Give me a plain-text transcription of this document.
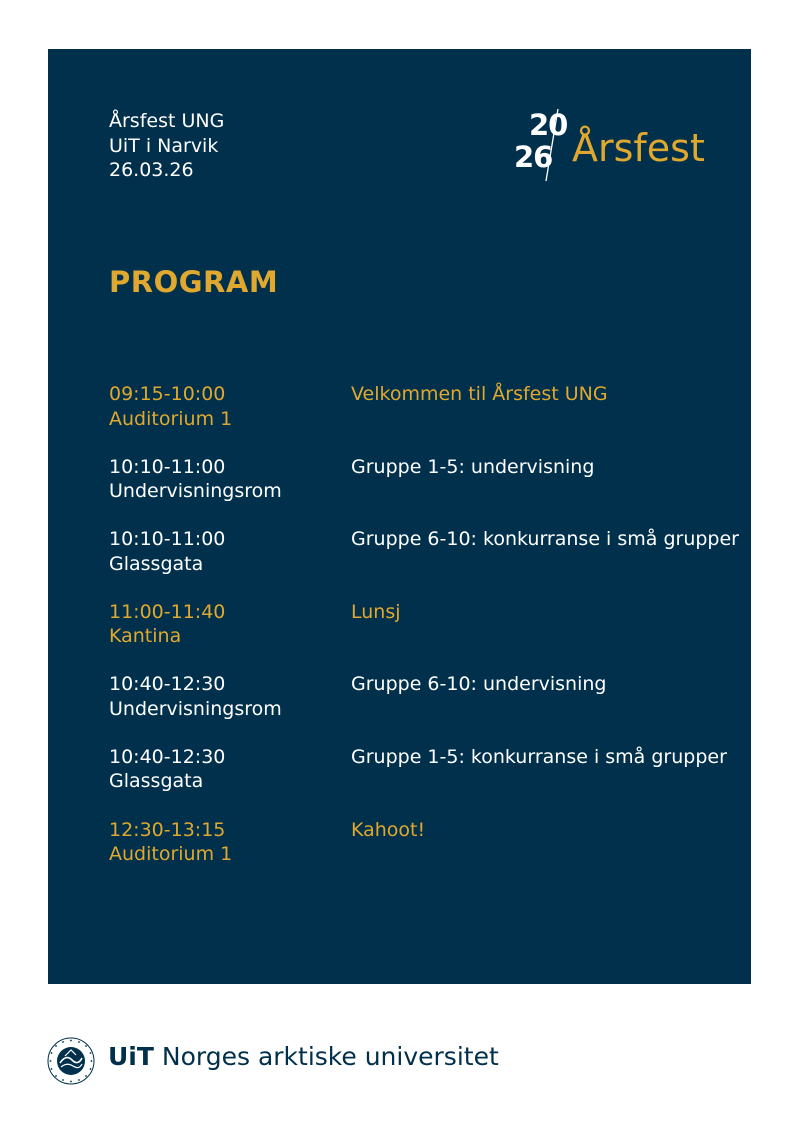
Årsfest UNG
UiT i Narvik
26.03.26
20
26 Årsfest
PROGRAM
09:15-10:00
Auditorium 1
Velkommen til Årsfest UNG
10:10-11:00
Undervisningsrom
Gruppe 1-5: undervisning
10:10-11:00
Glassgata
Gruppe 6-10: konkurranse i små grupper
11:00-11:40
Kantina
Lunsj
10:40-12:30
Undervisningsrom
Gruppe 6-10: undervisning
10:40-12:30
Glassgata
Gruppe 1-5: konkurranse i små grupper
12:30-13:15
Auditorium 1
Kahoot!
UiT Norges arktiske universitet
